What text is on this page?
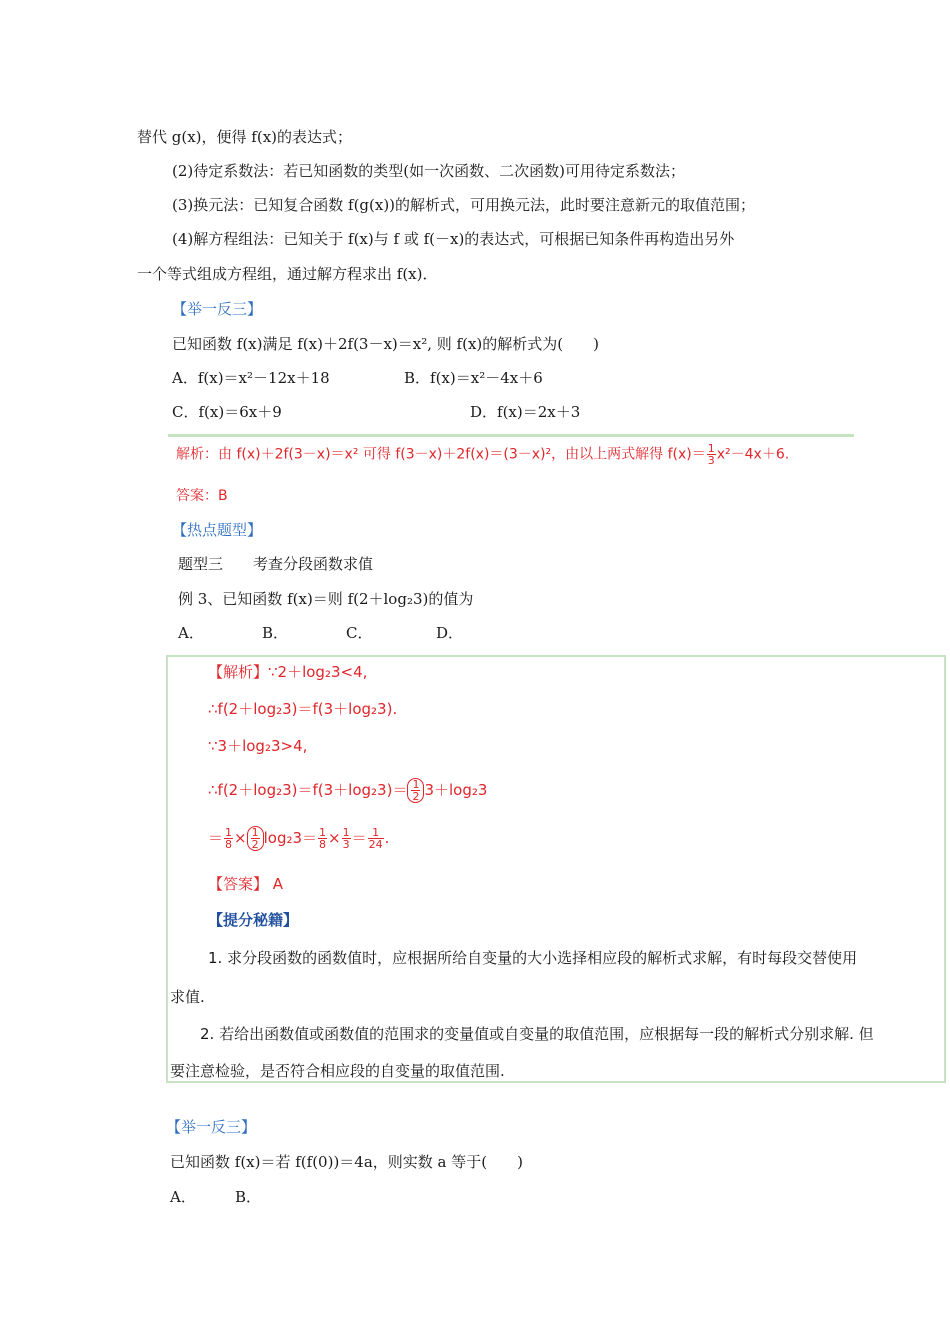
替代 g(x)，便得 f(x)的表达式；
(2)待定系数法：若已知函数的类型(如一次函数、二次函数)可用待定系数法；
(3)换元法：已知复合函数 f(g(x))的解析式，可用换元法，此时要注意新元的取值范围；
(4)解方程组法：已知关于 f(x)与 f 或 f(－x)的表达式，可根据已知条件再构造出另外
一个等式组成方程组，通过解方程求出 f(x)．
【举一反三】
已知函数 f(x)满足 f(x)＋2f(3－x)＝x², 则 f(x)的解析式为(　　)
A．f(x)＝x²－12x＋18	B．f(x)＝x²－4x＋6
C．f(x)＝6x＋9	D．f(x)＝2x＋3
解析：由 f(x)＋2f(3－x)＝x² 可得 f(3－x)＋2f(x)＝(3－x)²，由以上两式解得 $f(x)= \frac{1}{3} x^2-4x+6$.
答案：B
【热点题型】
题型三　　考查分段函数求值
例 3、已知函数 f(x)＝则 f(2＋log₂3)的值为
A．	B．	C．	D．
【解析】∵2＋log₂3<4,
∴f(2＋log₂3)＝f(3＋log₂3).
∵3＋log₂3>4,
∴f(2＋log₂3)＝f(3＋log₂3)＝ $\frac{1}{2} 3+\log_23$
＝ $\frac{1}{8} \times \frac{1}{2} \log_23= \frac{1}{8} \times \frac{1}{3} = \frac{1}{24}$ .
【答案】 A
【提分秘籍】
1. 求分段函数的函数值时，应根据所给自变量的大小选择相应段的解析式求解，有时每段交替使用
求值.
2. 若给出函数值或函数值的范围求的变量值或自变量的取值范围，应根据每一段的解析式分别求解. 但
要注意检验，是否符合相应段的自变量的取值范围.
【举一反三】
已知函数 f(x)＝若 f(f(0))＝4a，则实数 a 等于(　　)
A．	B．
